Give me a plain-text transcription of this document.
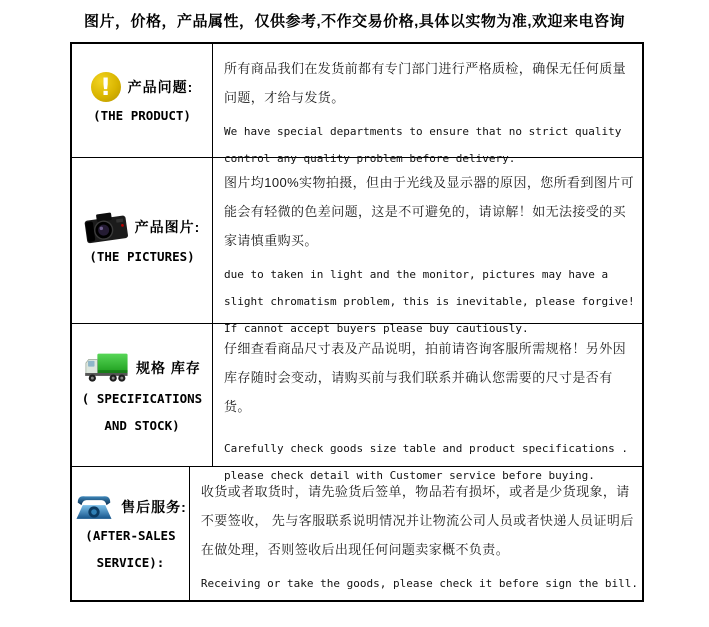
图片，价格，产品属性，仅供参考,不作交易价格,具体以实物为准,欢迎来电咨询
! 产品问题:
(THE PRODUCT)

所有商品我们在发货前都有专门部门进行严格质检，确保无任何质量问题，才给与发货。

We have special departments to ensure that no strict quality

control any quality problem before delivery.

产品图片:
(THE PICTURES)

图片均100%实物拍摄，但由于光线及显示器的原因，您所看到图片可能会有轻微的色差问题，这是不可避免的，请谅解！如无法接受的买家请慎重购买。

due to taken in light and the monitor, pictures may have a

slight chromatism problem, this is inevitable, please forgive!

If cannot accept buyers please buy cautiously.

规格 库存
( SPECIFICATIONS
AND STOCK)

仔细查看商品尺寸表及产品说明，拍前请咨询客服所需规格！另外因库存随时会变动，请购买前与我们联系并确认您需要的尺寸是否有货。

Carefully check goods size table and product specifications .

please check detail with Customer service before buying.

售后服务:
(AFTER-SALES
SERVICE):

收货或者取货时，请先验货后签单，物品若有损坏，或者是少货现象，请不要签收， 先与客服联系说明情况并让物流公司人员或者快递人员证明后在做处理，否则签收后出现任何问题卖家概不负责。

Receiving or take the goods, please check it before sign the bill.
